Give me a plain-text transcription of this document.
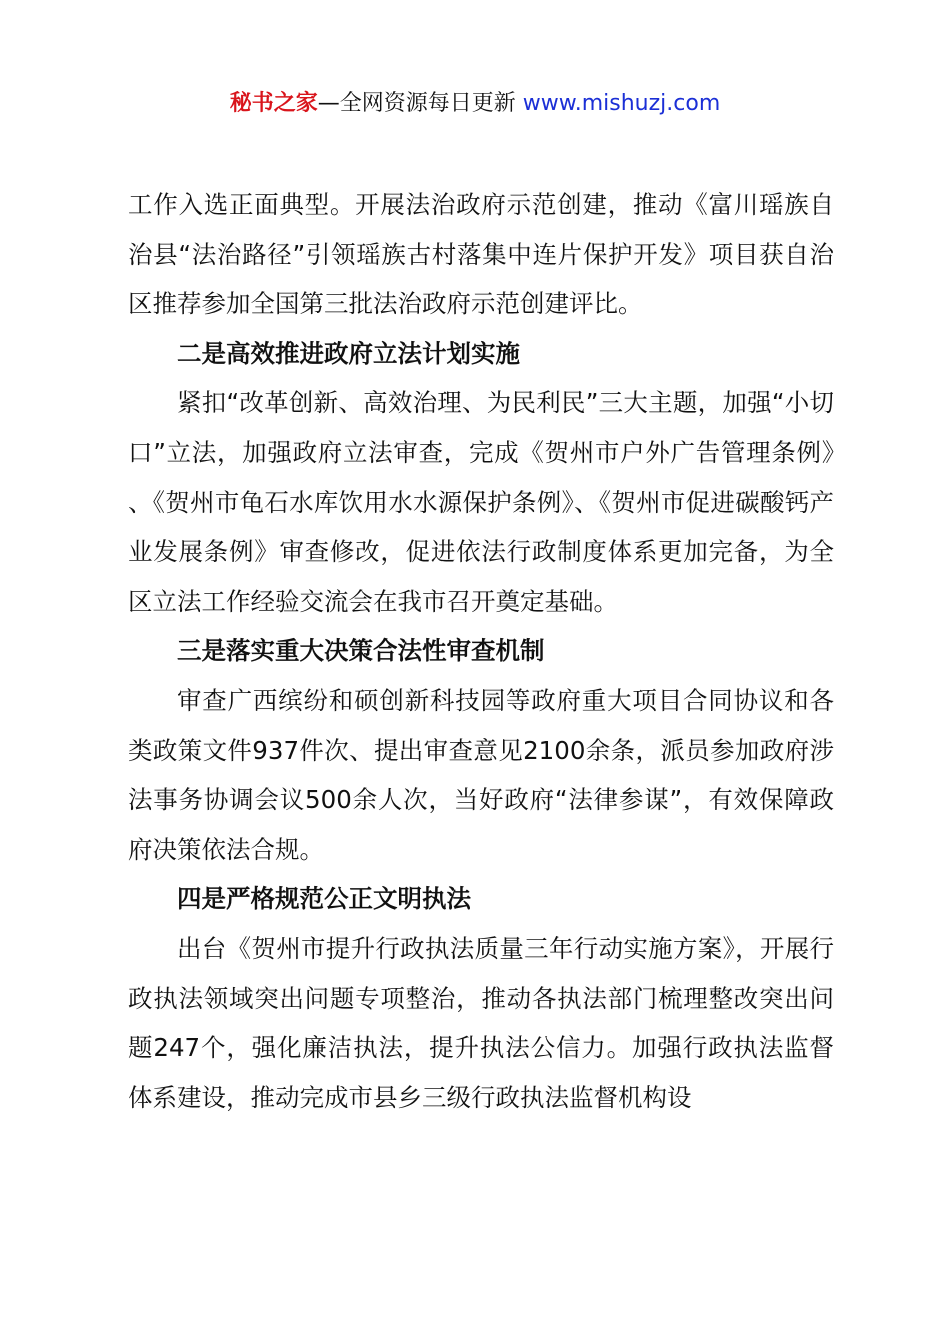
秘书之家—全网资源每日更新 www.mishuzj.com

工作入选正面典型。开展法治政府示范创建，推动《富川瑶族自治县“法治路径”引领瑶族古村落集中连片保护开发》项目获自治区推荐参加全国第三批法治政府示范创建评比。

二是高效推进政府立法计划实施

紧扣“改革创新、高效治理、为民利民”三大主题，加强“小切口”立法，加强政府立法审查，完成《贺州市户外广告管理条例》、《贺州市龟石水库饮用水水源保护条例》、《贺州市促进碳酸钙产业发展条例》审查修改，促进依法行政制度体系更加完备，为全区立法工作经验交流会在我市召开奠定基础。

三是落实重大决策合法性审查机制

审查广西缤纷和硕创新科技园等政府重大项目合同协议和各类政策文件937件次、提出审查意见2100余条，派员参加政府涉法事务协调会议500余人次，当好政府“法律参谋”，有效保障政府决策依法合规。

四是严格规范公正文明执法

出台《贺州市提升行政执法质量三年行动实施方案》，开展行政执法领域突出问题专项整治，推动各执法部门梳理整改突出问题247个，强化廉洁执法，提升执法公信力。加强行政执法监督体系建设，推动完成市县乡三级行政执法监督机构设
